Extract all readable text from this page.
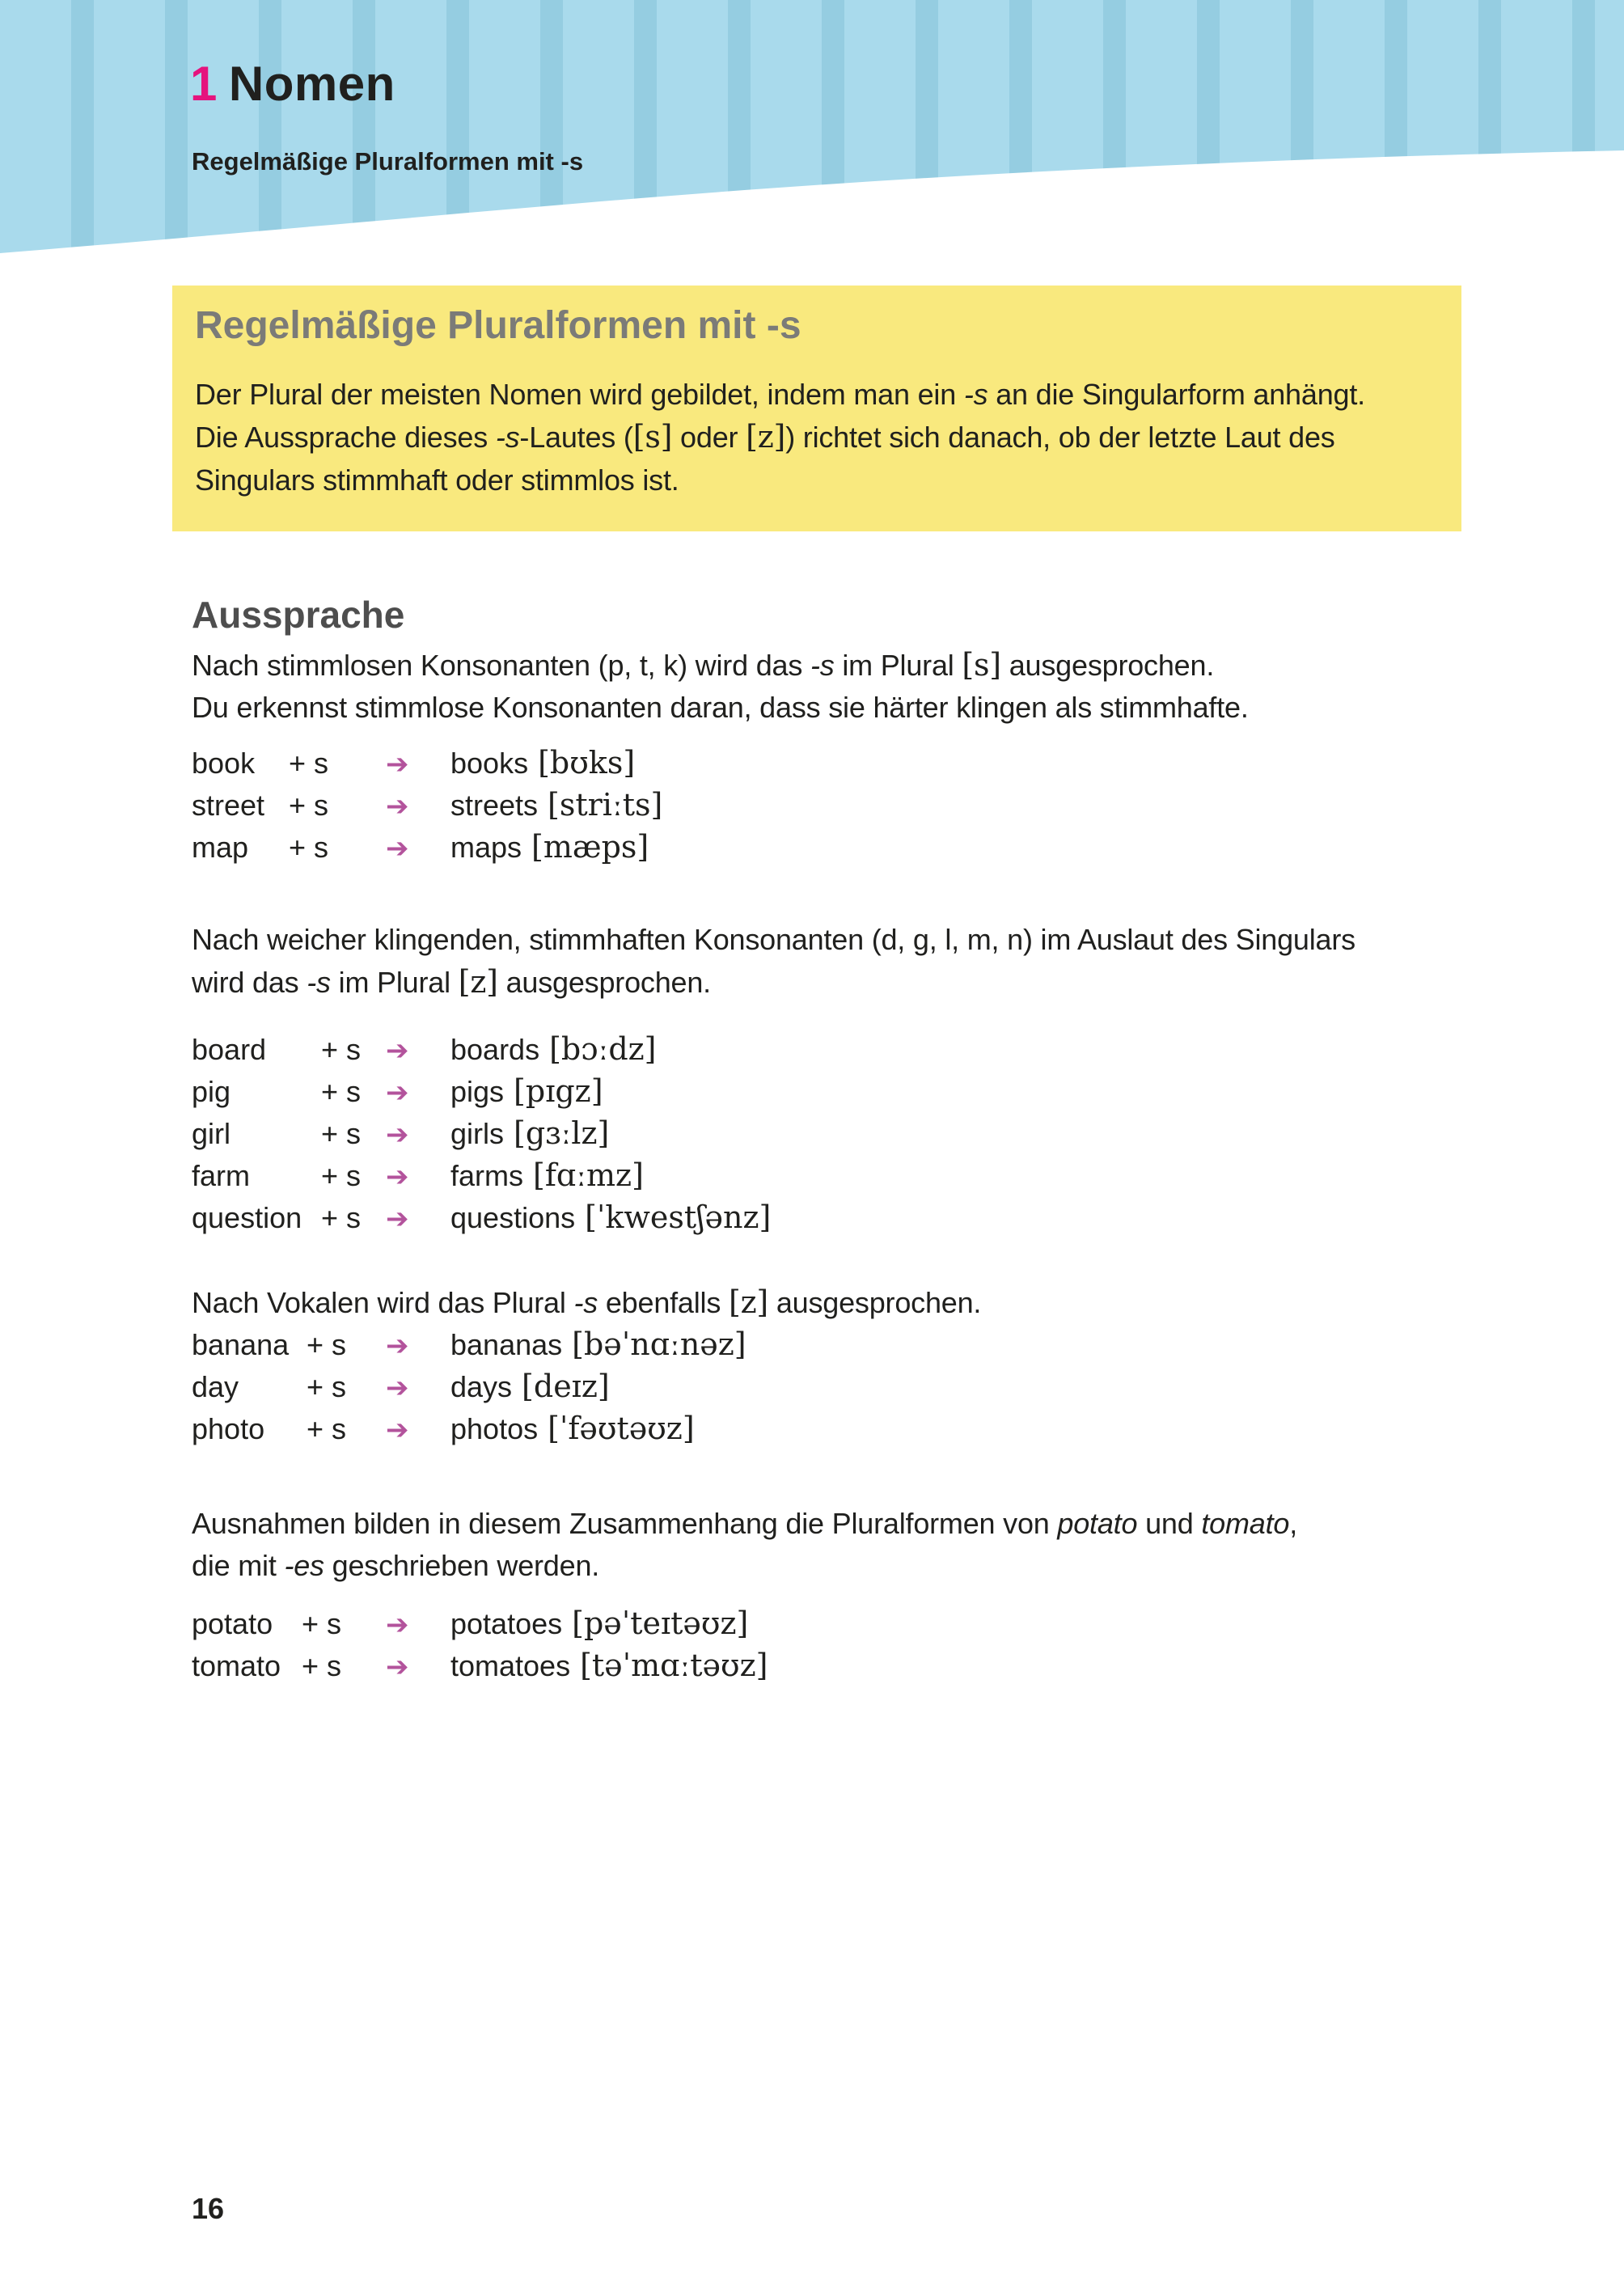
1 Nomen
Regelmäßige Pluralformen mit -s
Regelmäßige Pluralformen mit -s
Der Plural der meisten Nomen wird gebildet, indem man ein -s an die Singularform anhängt.
Die Aussprache dieses -s-Lautes ([s] oder [z]) richtet sich danach, ob der letzte Laut des
Singulars stimmhaft oder stimmlos ist.
Aussprache
Nach stimmlosen Konsonanten (p, t, k) wird das -s im Plural [s] ausgesprochen.
Du erkennst stimmlose Konsonanten daran, dass sie härter klingen als stimmhafte.
book	+ s	➔	books [bʊks]
street + s	➔	streets [striːts]
map	+ s	➔	maps [mæps]
Nach weicher klingenden, stimmhaften Konsonanten (d, g, l, m, n) im Auslaut des Singulars
wird das -s im Plural [z] ausgesprochen.
board	+ s ➔	boards [bɔːdz]
pig	+ s ➔	pigs [pɪgz]
girl	+ s ➔	girls [gɜːlz]
farm	+ s ➔	farms [fɑːmz]
question + s ➔	questions [ˈkwestʃənz]
Nach Vokalen wird das Plural -s ebenfalls [z] ausgesprochen.
banana + s	➔	bananas [bəˈnɑːnəz]
day	+ s	➔	days [deɪz]
photo	+ s	➔	photos [ˈfəʊtəʊz]
Ausnahmen bilden in diesem Zusammenhang die Pluralformen von potato und tomato,
die mit -es geschrieben werden.
potato + s	➔	potatoes [pəˈteɪtəʊz]
tomato + s	➔	tomatoes [təˈmɑːtəʊz]
16
